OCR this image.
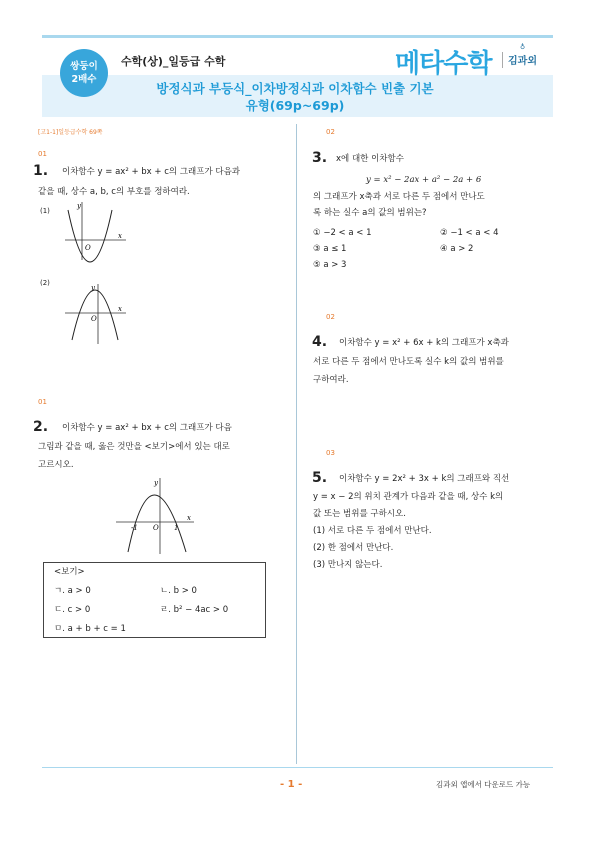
쌍둥이
2배수
수학(상)_일등급 수학
방정식과 부등식_이차방정식과 이차함수 빈출 기본
유형(69p~69p)
메타수학
♁
김과외
[고1-1]일등급수학 69쪽
01
1. 이차함수 y = ax² + bx + c의 그래프가 다음과
같을 때, 상수 a, b, c의 부호를 정하여라.
(1)
y
x
O
(2)
y
x
O
01
2. 이차함수 y = ax² + bx + c의 그래프가 다음
그림과 같을 때, 옳은 것만을 <보기>에서 있는 대로
고르시오.
y
x
O
-1	1
<보기>
ㄱ. a > 0	ㄴ. b > 0
ㄷ. c > 0	ㄹ. b² − 4ac > 0
ㅁ. a + b + c = 1
02
3. x에 대한 이차함수
y = x² − 2ax + a² − 2a + 6
의 그래프가 x축과 서로 다른 두 점에서 만나도
록 하는 실수 a의 값의 범위는?
① −2 < a < 1	② −1 < a < 4
③ a ≤ 1	④ a > 2
⑤ a > 3
02
4. 이차함수 y = x² + 6x + k의 그래프가 x축과
서로 다른 두 점에서 만나도록 실수 k의 값의 범위를
구하여라.
03
5. 이차함수 y = 2x² + 3x + k의 그래프와 직선
y = x − 2의 위치 관계가 다음과 같을 때, 상수 k의
값 또는 범위를 구하시오.
(1) 서로 다른 두 점에서 만난다.
(2) 한 점에서 만난다.
(3) 만나지 않는다.
- 1 -	김과외 앱에서 다운로드 가능
